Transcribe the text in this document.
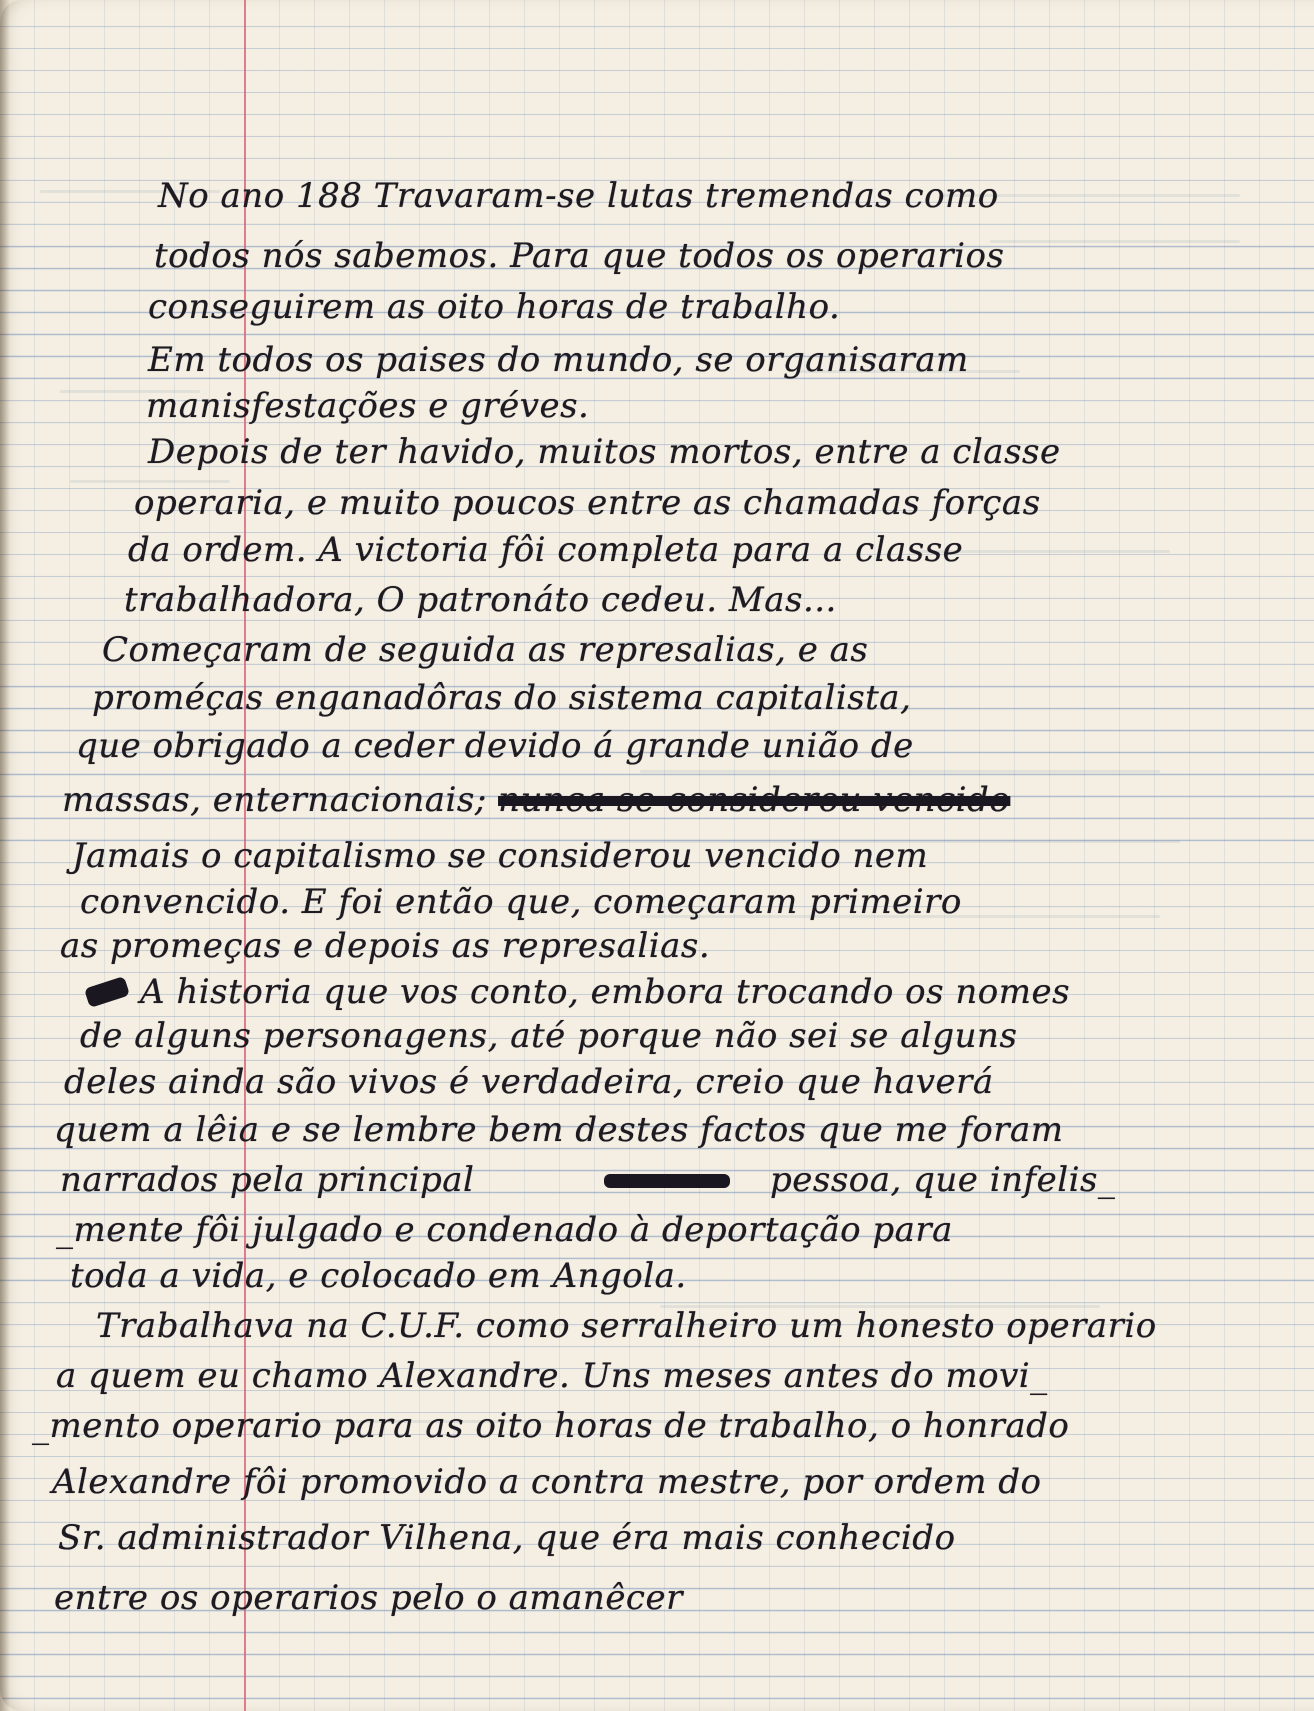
No ano 188 Travaram-se lutas tremendas como

todos nós sabemos. Para que todos os operarios

conseguirem as oito horas de trabalho.

Em todos os paises do mundo, se organisaram

manisfestações e gréves.

Depois de ter havido, muitos mortos, entre a classe

operaria, e muito poucos entre as chamadas forças

da ordem. A victoria fôi completa para a classe

trabalhadora, O patronáto cedeu. Mas...

Começaram de seguida as represalias, e as

proméças enganadôras do sistema capitalista,

que obrigado a ceder devido á grande união de

massas, enternacionais; nunca se considerou vencido

Jamais o capitalismo se considerou vencido nem

convencido. E foi então que, começaram primeiro

as promeças e depois as represalias.

A historia que vos conto, embora trocando os nomes

de alguns personagens, até porque não sei se alguns

deles ainda são vivos é verdadeira, creio que haverá

quem a lêia e se lembre bem destes factos que me foram

narrados pela principal	pessoa, que infelis_

_mente fôi julgado e condenado à deportação para

toda a vida, e colocado em Angola.

Trabalhava na C.U.F. como serralheiro um honesto operario

a quem eu chamo Alexandre. Uns meses antes do movi_

_mento operario para as oito horas de trabalho, o honrado

Alexandre fôi promovido a contra mestre, por ordem do

Sr. administrador Vilhena, que éra mais conhecido

entre os operarios pelo o amanêcer
